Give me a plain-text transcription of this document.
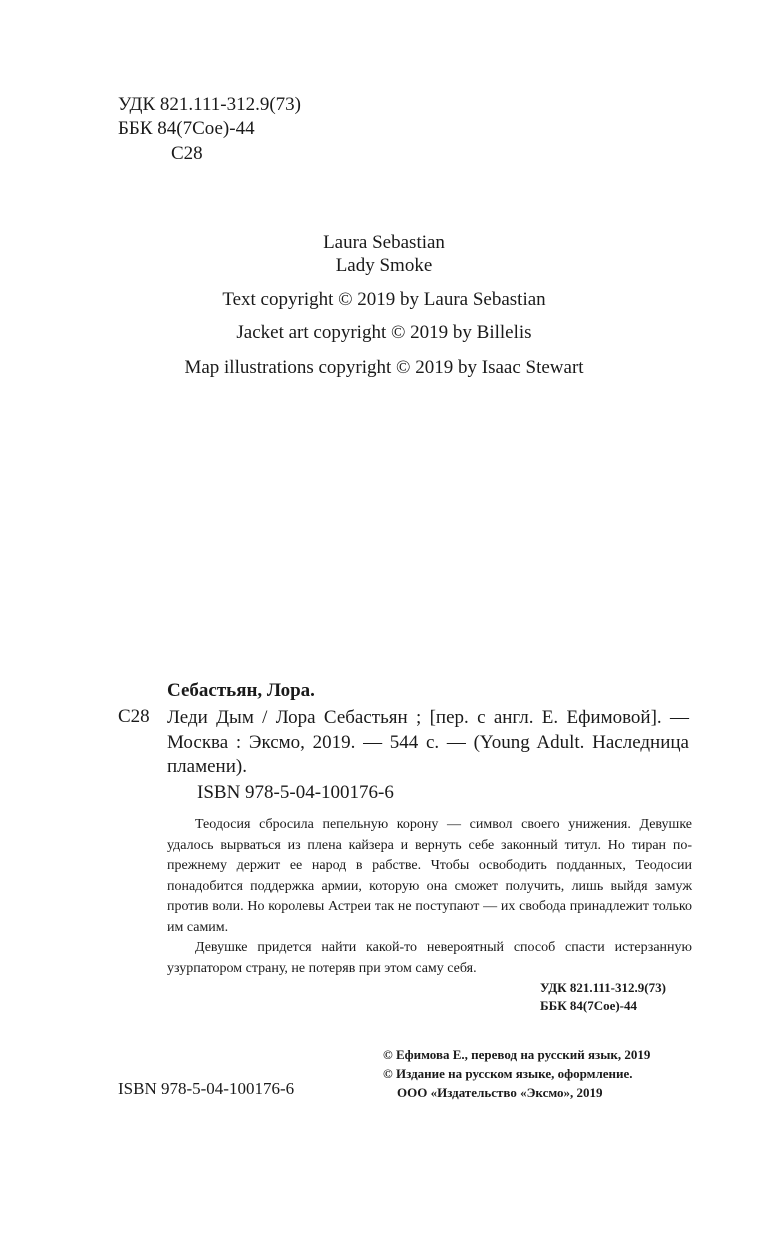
УДК 821.111-312.9(73)
ББК 84(7Сое)-44
С28
Laura Sebastian
Lady Smoke
Text copyright © 2019 by Laura Sebastian
Jacket art copyright © 2019 by Billelis
Map illustrations copyright © 2019 by Isaac Stewart
Себастьян, Лора.
С28 Леди Дым / Лора Себастьян ; [пер. с англ. Е. Ефимовой]. — Москва : Эксмо, 2019. — 544 с. — (Young Adult. Наследница пламени).
ISBN 978-5-04-100176-6

Теодосия сбросила пепельную корону — символ своего унижения. Девушке удалось вырваться из плена кайзера и вернуть себе законный титул. Но тиран по-прежнему держит ее народ в рабстве. Чтобы освободить подданных, Теодосии понадобится поддержка армии, которую она сможет получить, лишь выйдя замуж против воли. Но королевы Астреи так не поступают — их свобода принадлежит только им самим.

Девушке придется найти какой-то невероятный способ спасти истерзанную узурпатором страну, не потеряв при этом саму себя.

УДК 821.111-312.9(73)
ББК 84(7Сое)-44
ISBN 978-5-04-100176-6
© Ефимова Е., перевод на русский язык, 2019
© Издание на русском языке, оформление.
ООО «Издательство «Эксмо», 2019
